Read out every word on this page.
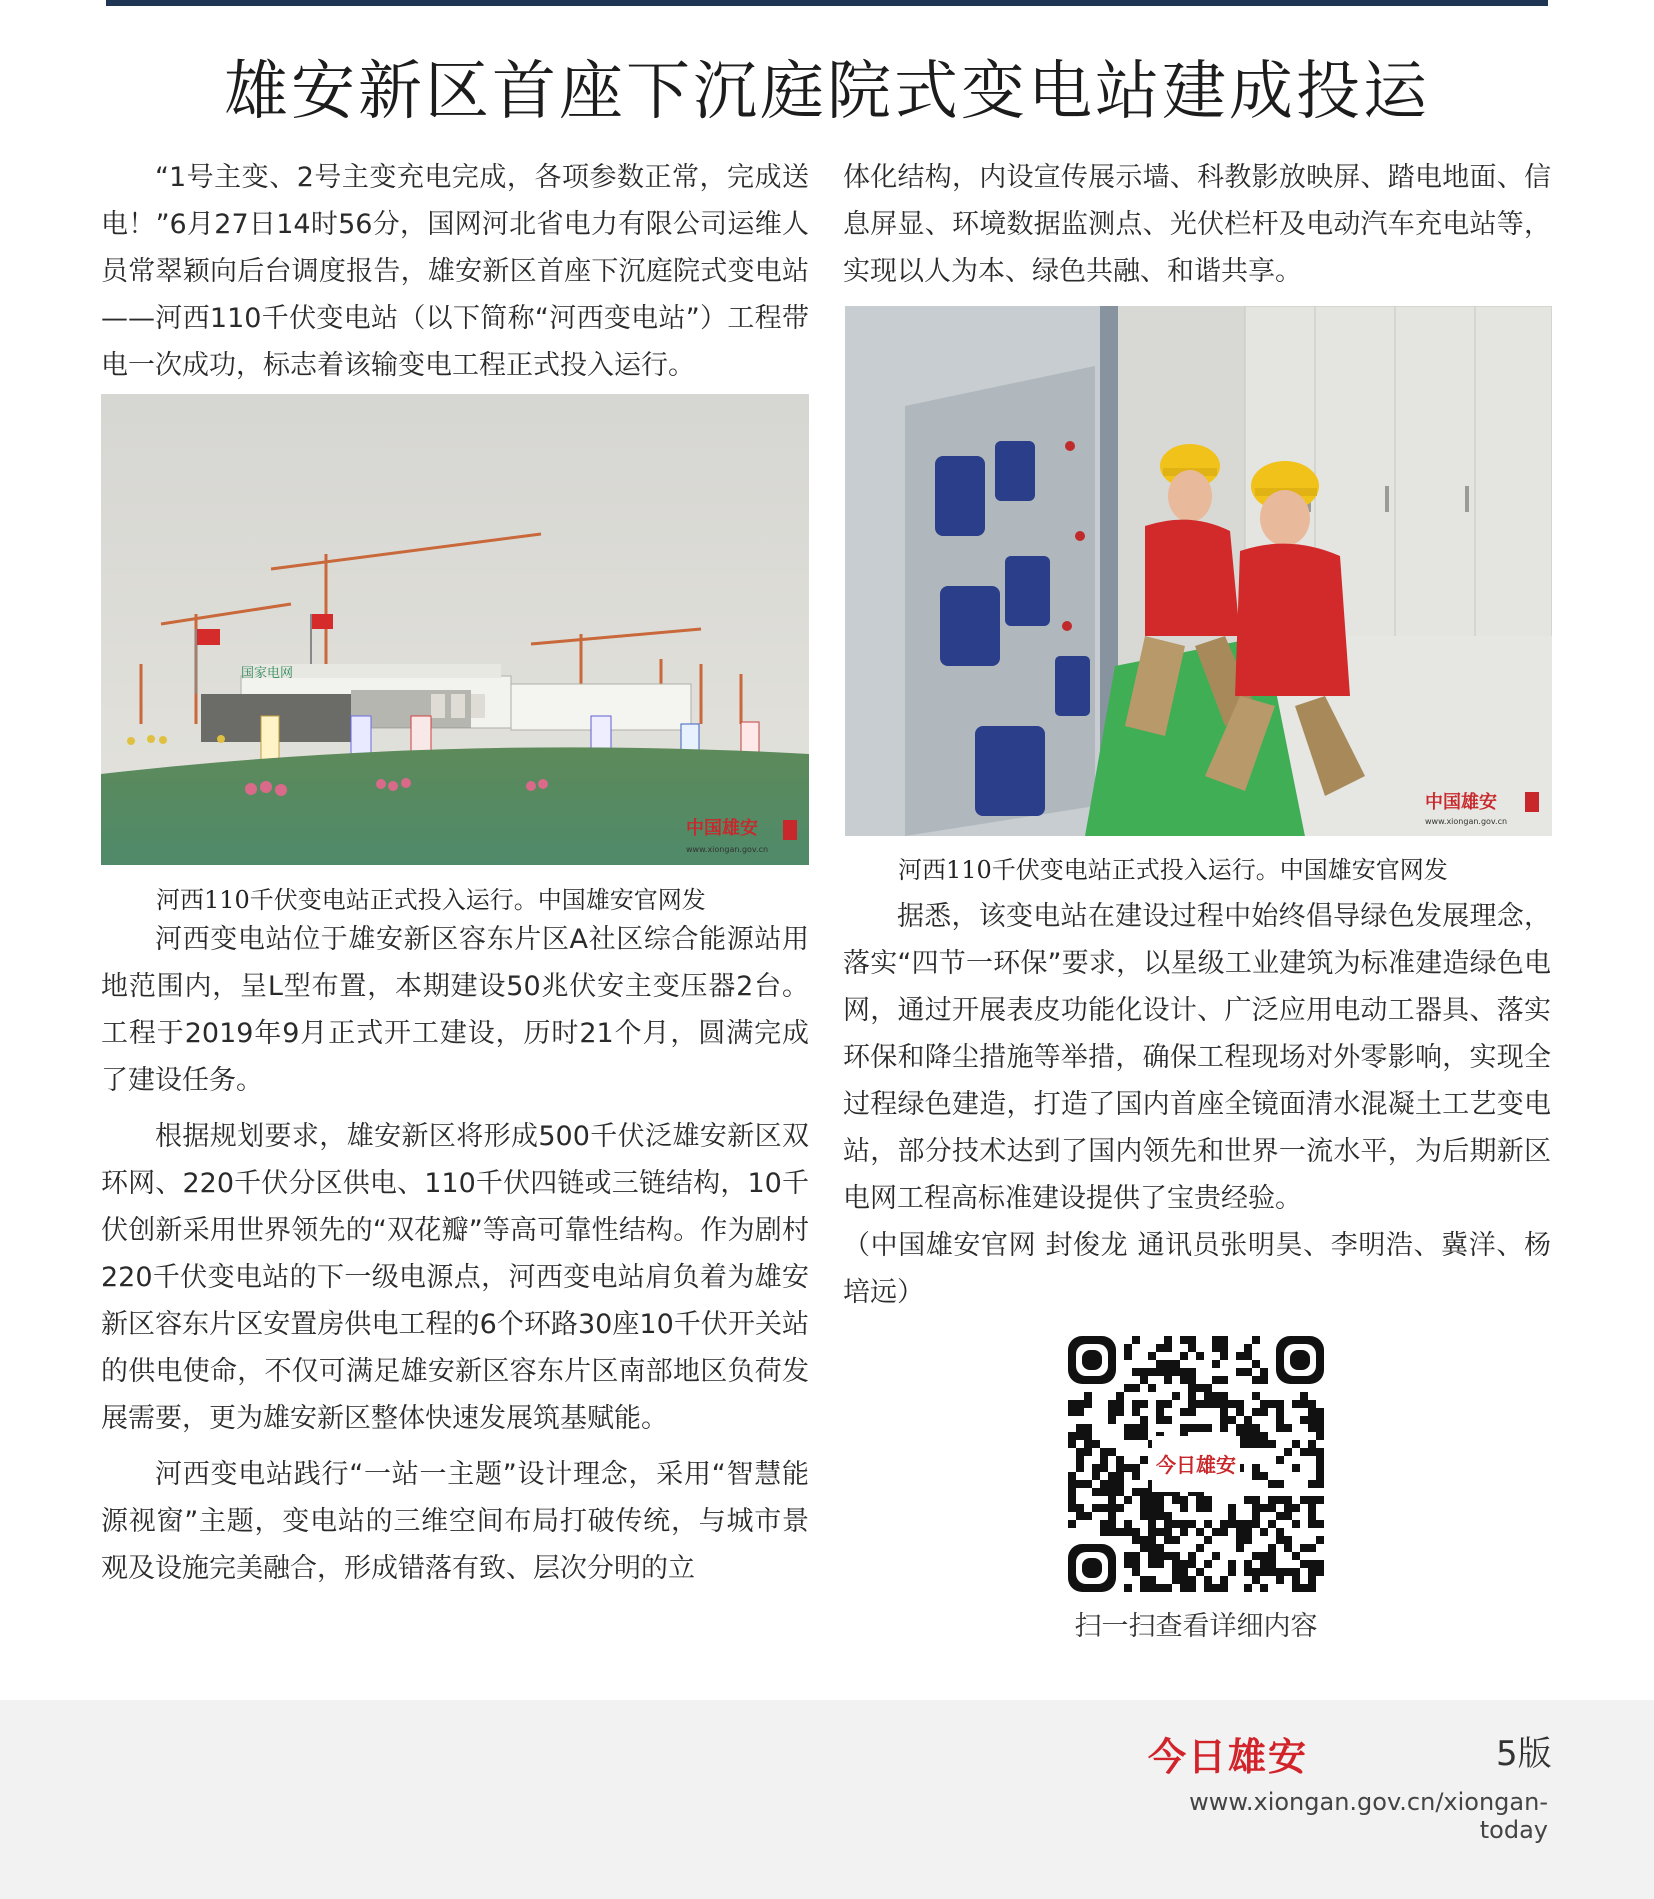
雄安新区首座下沉庭院式变电站建成投运

“1号主变、2号主变充电完成，各项参数正常，完成送电！”6月27日14时56分，国网河北省电力有限公司运维人员常翠颖向后台调度报告，雄安新区首座下沉庭院式变电站——河西110千伏变电站（以下简称“河西变电站”）工程带电一次成功，标志着该输变电工程正式投入运行。

国家电网
中国雄安
www.xiongan.gov.cn
河西110千伏变电站正式投入运行。中国雄安官网发

河西变电站位于雄安新区容东片区A社区综合能源站用地范围内，呈L型布置，本期建设50兆伏安主变压器2台。工程于2019年9月正式开工建设，历时21个月，圆满完成了建设任务。

根据规划要求，雄安新区将形成500千伏泛雄安新区双环网、220千伏分区供电、110千伏四链或三链结构，10千伏创新采用世界领先的“双花瓣”等高可靠性结构。作为剧村220千伏变电站的下一级电源点，河西变电站肩负着为雄安新区容东片区安置房供电工程的6个环路30座10千伏开关站的供电使命，不仅可满足雄安新区容东片区南部地区负荷发展需要，更为雄安新区整体快速发展筑基赋能。

河西变电站践行“一站一主题”设计理念，采用“智慧能源视窗”主题，变电站的三维空间布局打破传统，与城市景观及设施完美融合，形成错落有致、层次分明的立

体化结构，内设宣传展示墙、科教影放映屏、踏电地面、信息屏显、环境数据监测点、光伏栏杆及电动汽车充电站等，实现以人为本、绿色共融、和谐共享。

中国雄安
www.xiongan.gov.cn
河西110千伏变电站正式投入运行。中国雄安官网发

据悉，该变电站在建设过程中始终倡导绿色发展理念，落实“四节一环保”要求，以星级工业建筑为标准建造绿色电网，通过开展表皮功能化设计、广泛应用电动工器具、落实环保和降尘措施等举措，确保工程现场对外零影响，实现全过程绿色建造，打造了国内首座全镜面清水混凝土工艺变电站，部分技术达到了国内领先和世界一流水平，为后期新区电网工程高标准建设提供了宝贵经验。

（中国雄安官网 封俊龙 通讯员张明昊、李明浩、冀洋、杨培远）

今日雄安
扫一扫查看详细内容
今日雄安	5版
www.xiongan.gov.cn/xiongan-today
